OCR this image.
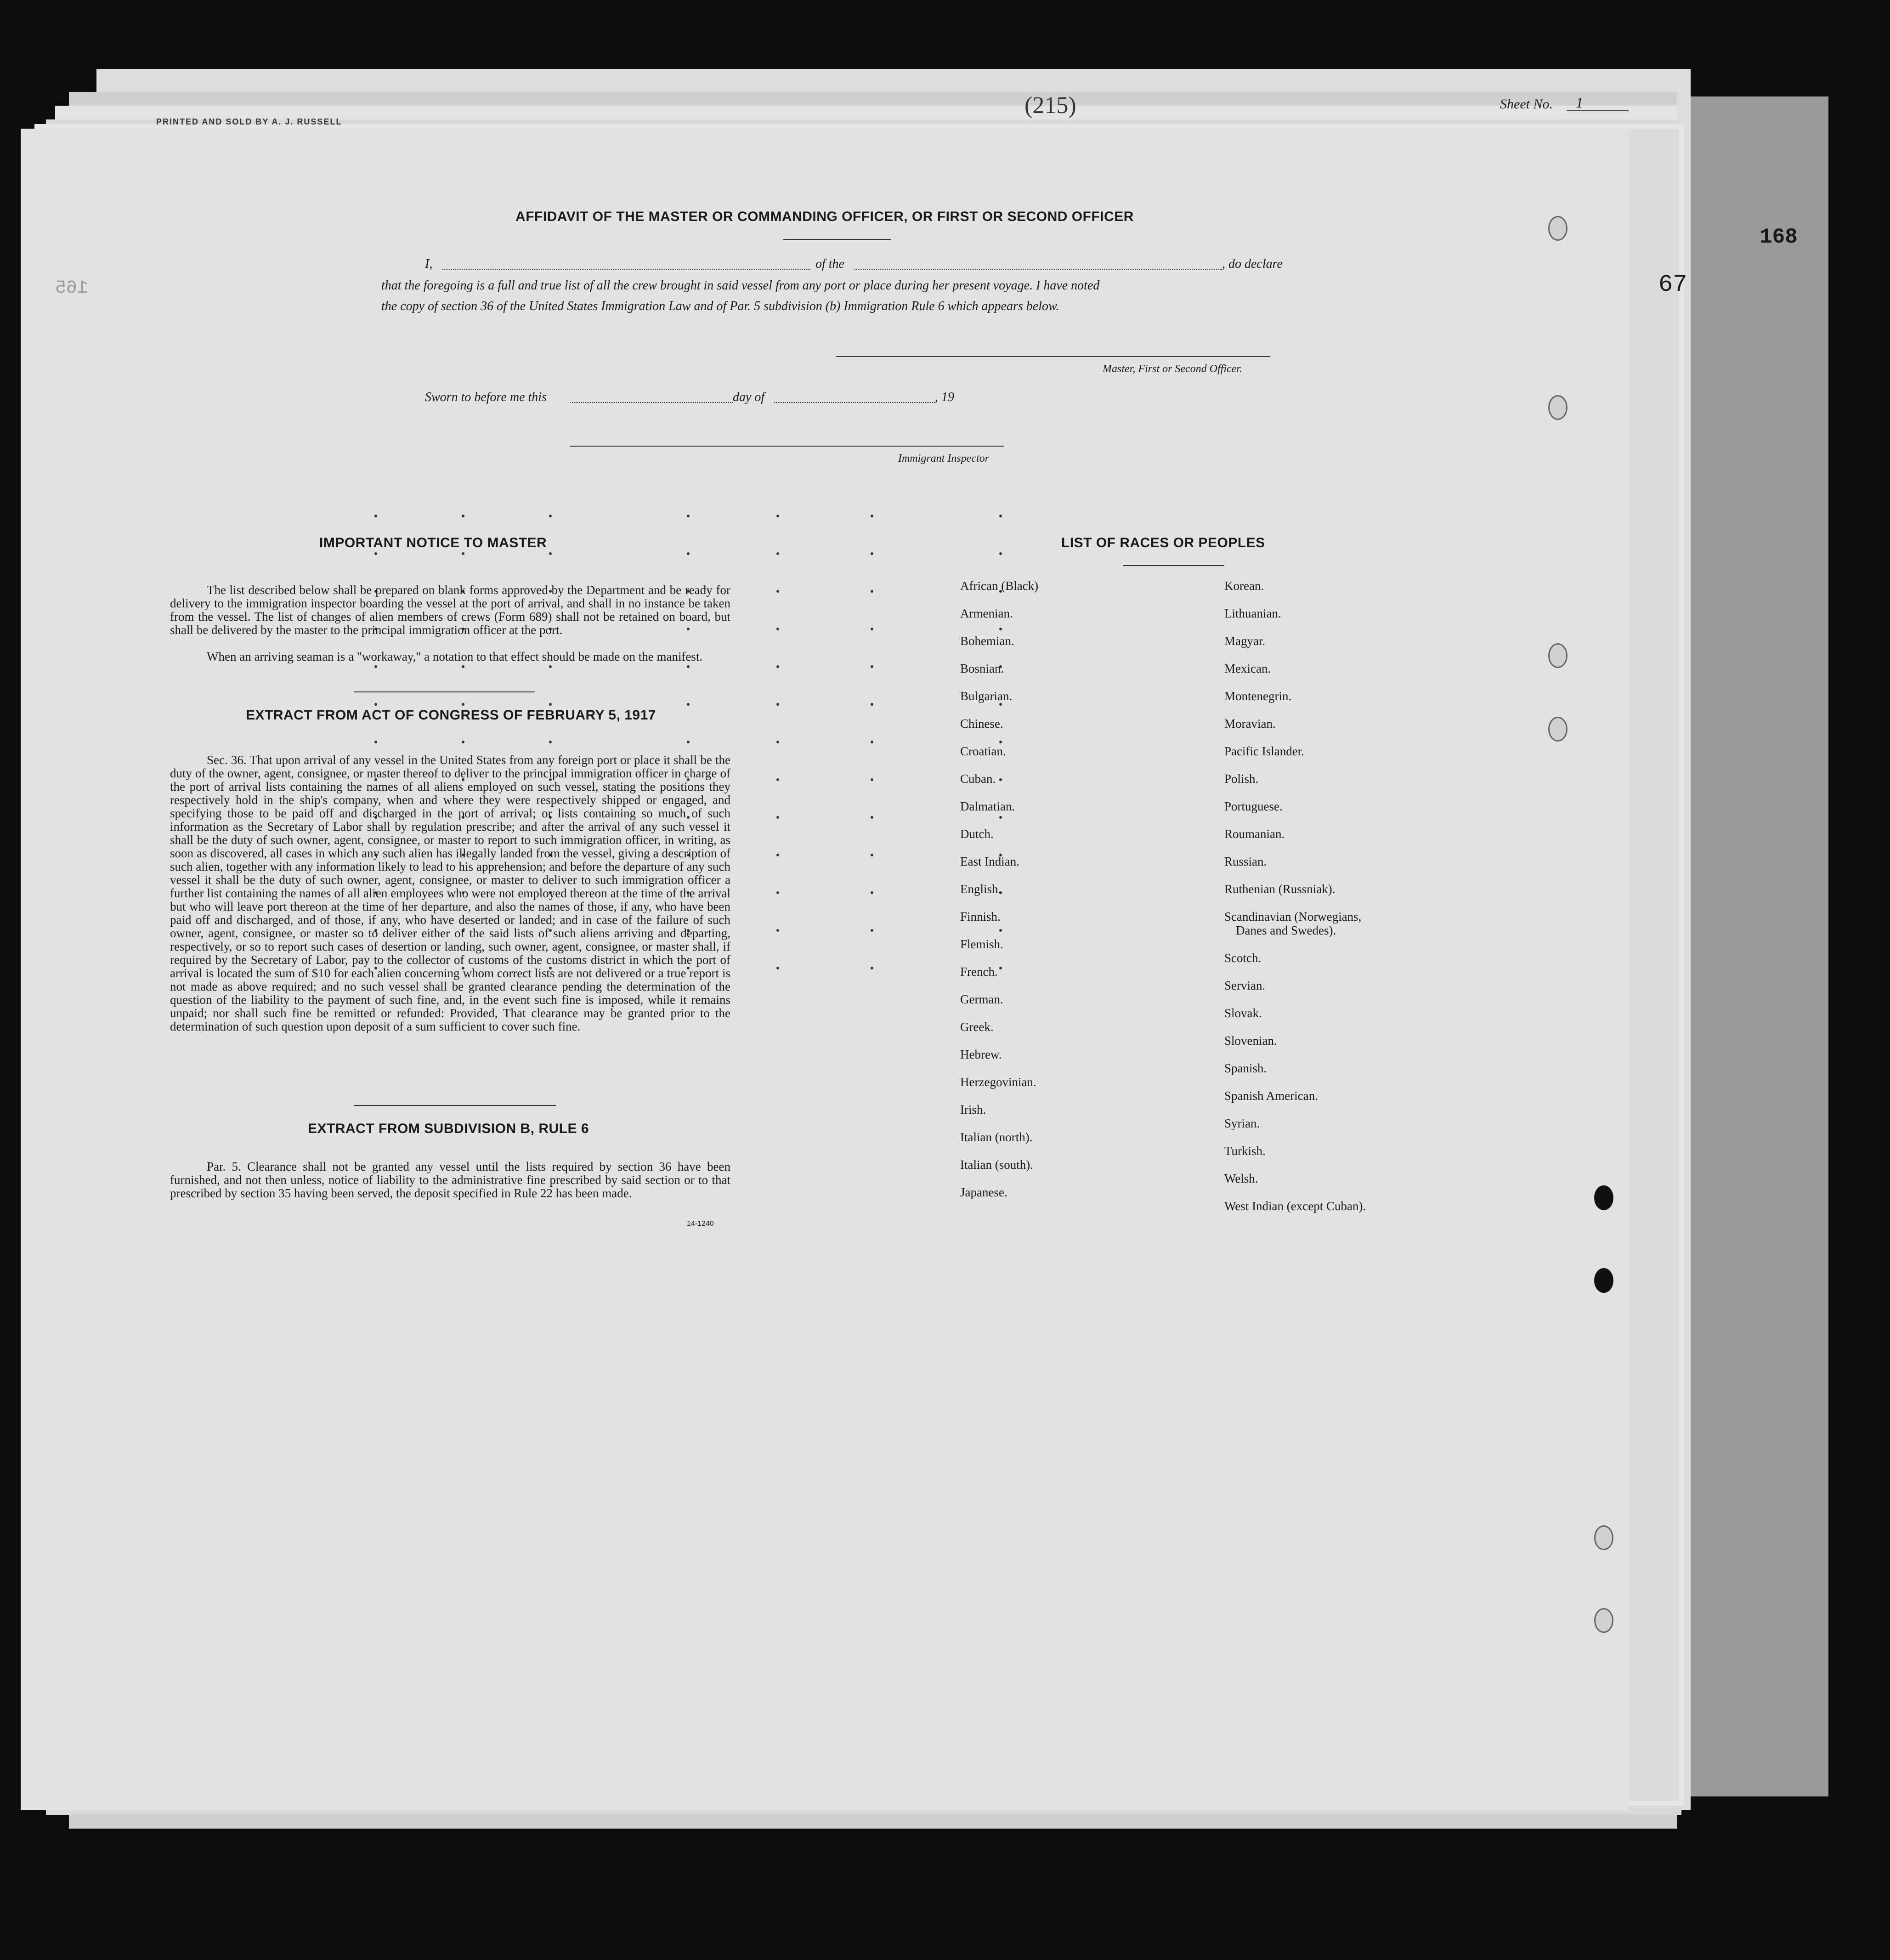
PRINTED AND SOLD BY A. J. RUSSELL
(215)	Sheet No. 1
168
165
AFFIDAVIT OF THE MASTER OR COMMANDING OFFICER, OR FIRST OR SECOND OFFICER
I,	of the	, do declare
that the foregoing is a full and true list of all the crew brought in said vessel from any port or place during her present voyage. I have noted
the copy of section 36 of the United States Immigration Law and of Par. 5 subdivision (b) Immigration Rule 6 which appears below.
Master, First or Second Officer.
Sworn to before me this	day of	, 19
Immigrant Inspector
IMPORTANT NOTICE TO MASTER
The list described below shall be prepared on blank forms approved by the Department and be ready for delivery to the immigration inspector boarding the vessel at the port of arrival, and shall in no instance be taken from the vessel. The list of changes of alien members of crews (Form 689) shall not be retained on board, but shall be delivered by the master to the principal immigration officer at the port.
When an arriving seaman is a "workaway," a notation to that effect should be made on the manifest.
EXTRACT FROM ACT OF CONGRESS OF FEBRUARY 5, 1917
Sec. 36. That upon arrival of any vessel in the United States from any foreign port or place it shall be the duty of the owner, agent, consignee, or master thereof to deliver to the principal immigration officer in charge of the port of arrival lists containing the names of all aliens employed on such vessel, stating the positions they respectively hold in the ship's company, when and where they were respectively shipped or engaged, and specifying those to be paid off and discharged in the port of arrival; or lists containing so much of such information as the Secretary of Labor shall by regulation prescribe; and after the arrival of any such vessel it shall be the duty of such owner, agent, consignee, or master to report to such immigration officer, in writing, as soon as discovered, all cases in which any such alien has illegally landed from the vessel, giving a description of such alien, together with any information likely to lead to his apprehension; and before the departure of any such vessel it shall be the duty of such owner, agent, consignee, or master to deliver to such immigration officer a further list containing the names of all alien employees who were not employed thereon at the time of the arrival but who will leave port thereon at the time of her departure, and also the names of those, if any, who have been paid off and discharged, and of those, if any, who have deserted or landed; and in case of the failure of such owner, agent, consignee, or master so to deliver either of the said lists of such aliens arriving and departing, respectively, or so to report such cases of desertion or landing, such owner, agent, consignee, or master shall, if required by the Secretary of Labor, pay to the collector of customs of the customs district in which the port of arrival is located the sum of $10 for each alien concerning whom correct lists are not delivered or a true report is not made as above required; and no such vessel shall be granted clearance pending the determination of the question of the liability to the payment of such fine, and, in the event such fine is imposed, while it remains unpaid; nor shall such fine be remitted or refunded: Provided, That clearance may be granted prior to the determination of such question upon deposit of a sum sufficient to cover such fine.
EXTRACT FROM SUBDIVISION B, RULE 6
Par. 5. Clearance shall not be granted any vessel until the lists required by section 36 have been furnished, and not then unless, notice of liability to the administrative fine prescribed by said section or to that prescribed by section 35 having been served, the deposit specified in Rule 22 has been made.
14-1240
LIST OF RACES OR PEOPLES
African (Black)
Armenian.
Bohemian.
Bosnian.
Bulgarian.
Chinese.
Croatian.
Cuban.
Dalmatian.
Dutch.
East Indian.
English.
Finnish.
Flemish.
French.
German.
Greek.
Hebrew.
Herzegovinian.
Irish.
Italian (north).
Italian (south).
Japanese.
Korean.
Lithuanian.
Magyar.
Mexican.
Montenegrin.
Moravian.
Pacific Islander.
Polish.
Portuguese.
Roumanian.
Russian.
Ruthenian (Russniak).
Scandinavian (Norwegians,
Danes and Swedes).
Scotch.
Servian.
Slovak.
Slovenian.
Spanish.
Spanish American.
Syrian.
Turkish.
Welsh.
West Indian (except Cuban).
67
